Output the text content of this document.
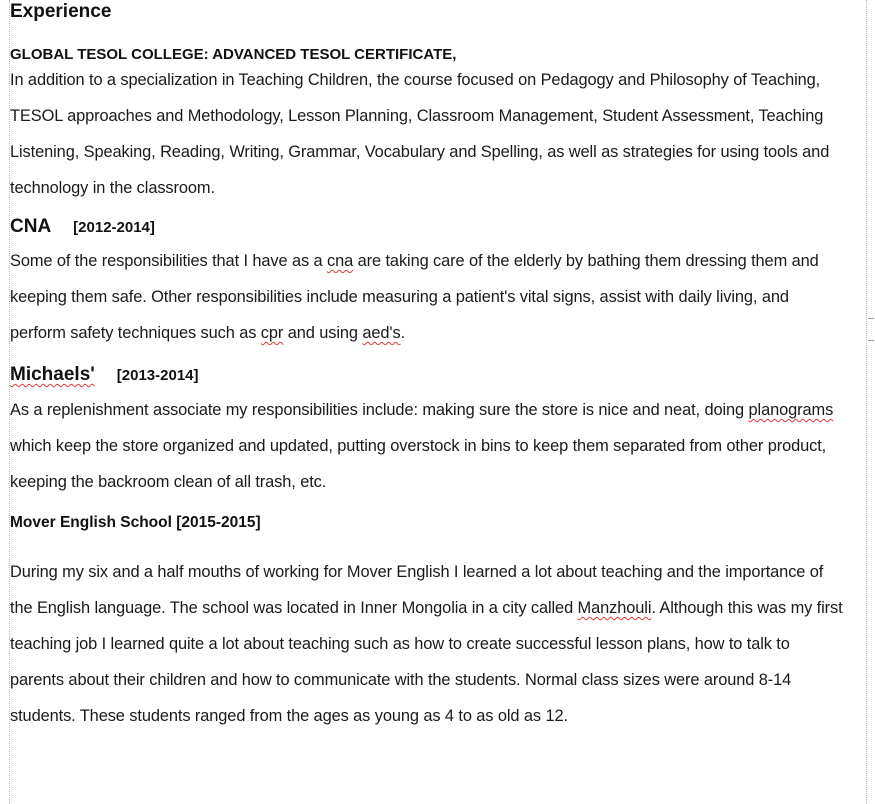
Experience
GLOBAL TESOL COLLEGE: ADVANCED TESOL CERTIFICATE,

In addition to a specialization in Teaching Children, the course focused on Pedagogy and Philosophy of Teaching,

TESOL approaches and Methodology, Lesson Planning, Classroom Management, Student Assessment, Teaching

Listening, Speaking, Reading, Writing, Grammar, Vocabulary and Spelling, as well as strategies for using tools and

technology in the classroom.

CNA [2012-2014]

Some of the responsibilities that I have as a cna are taking care of the elderly by bathing them dressing them and

keeping them safe. Other responsibilities include measuring a patient's vital signs, assist with daily living, and

perform safety techniques such as cpr and using aed's.

Michaels' [2013-2014]

As a replenishment associate my responsibilities include: making sure the store is nice and neat, doing planograms

which keep the store organized and updated, putting overstock in bins to keep them separated from other product,

keeping the backroom clean of all trash, etc.

Mover English School [2015-2015]

During my six and a half mouths of working for Mover English I learned a lot about teaching and the importance of

the English language. The school was located in Inner Mongolia in a city called Manzhouli. Although this was my first

teaching job I learned quite a lot about teaching such as how to create successful lesson plans, how to talk to

parents about their children and how to communicate with the students. Normal class sizes were around 8-14

students. These students ranged from the ages as young as 4 to as old as 12.
